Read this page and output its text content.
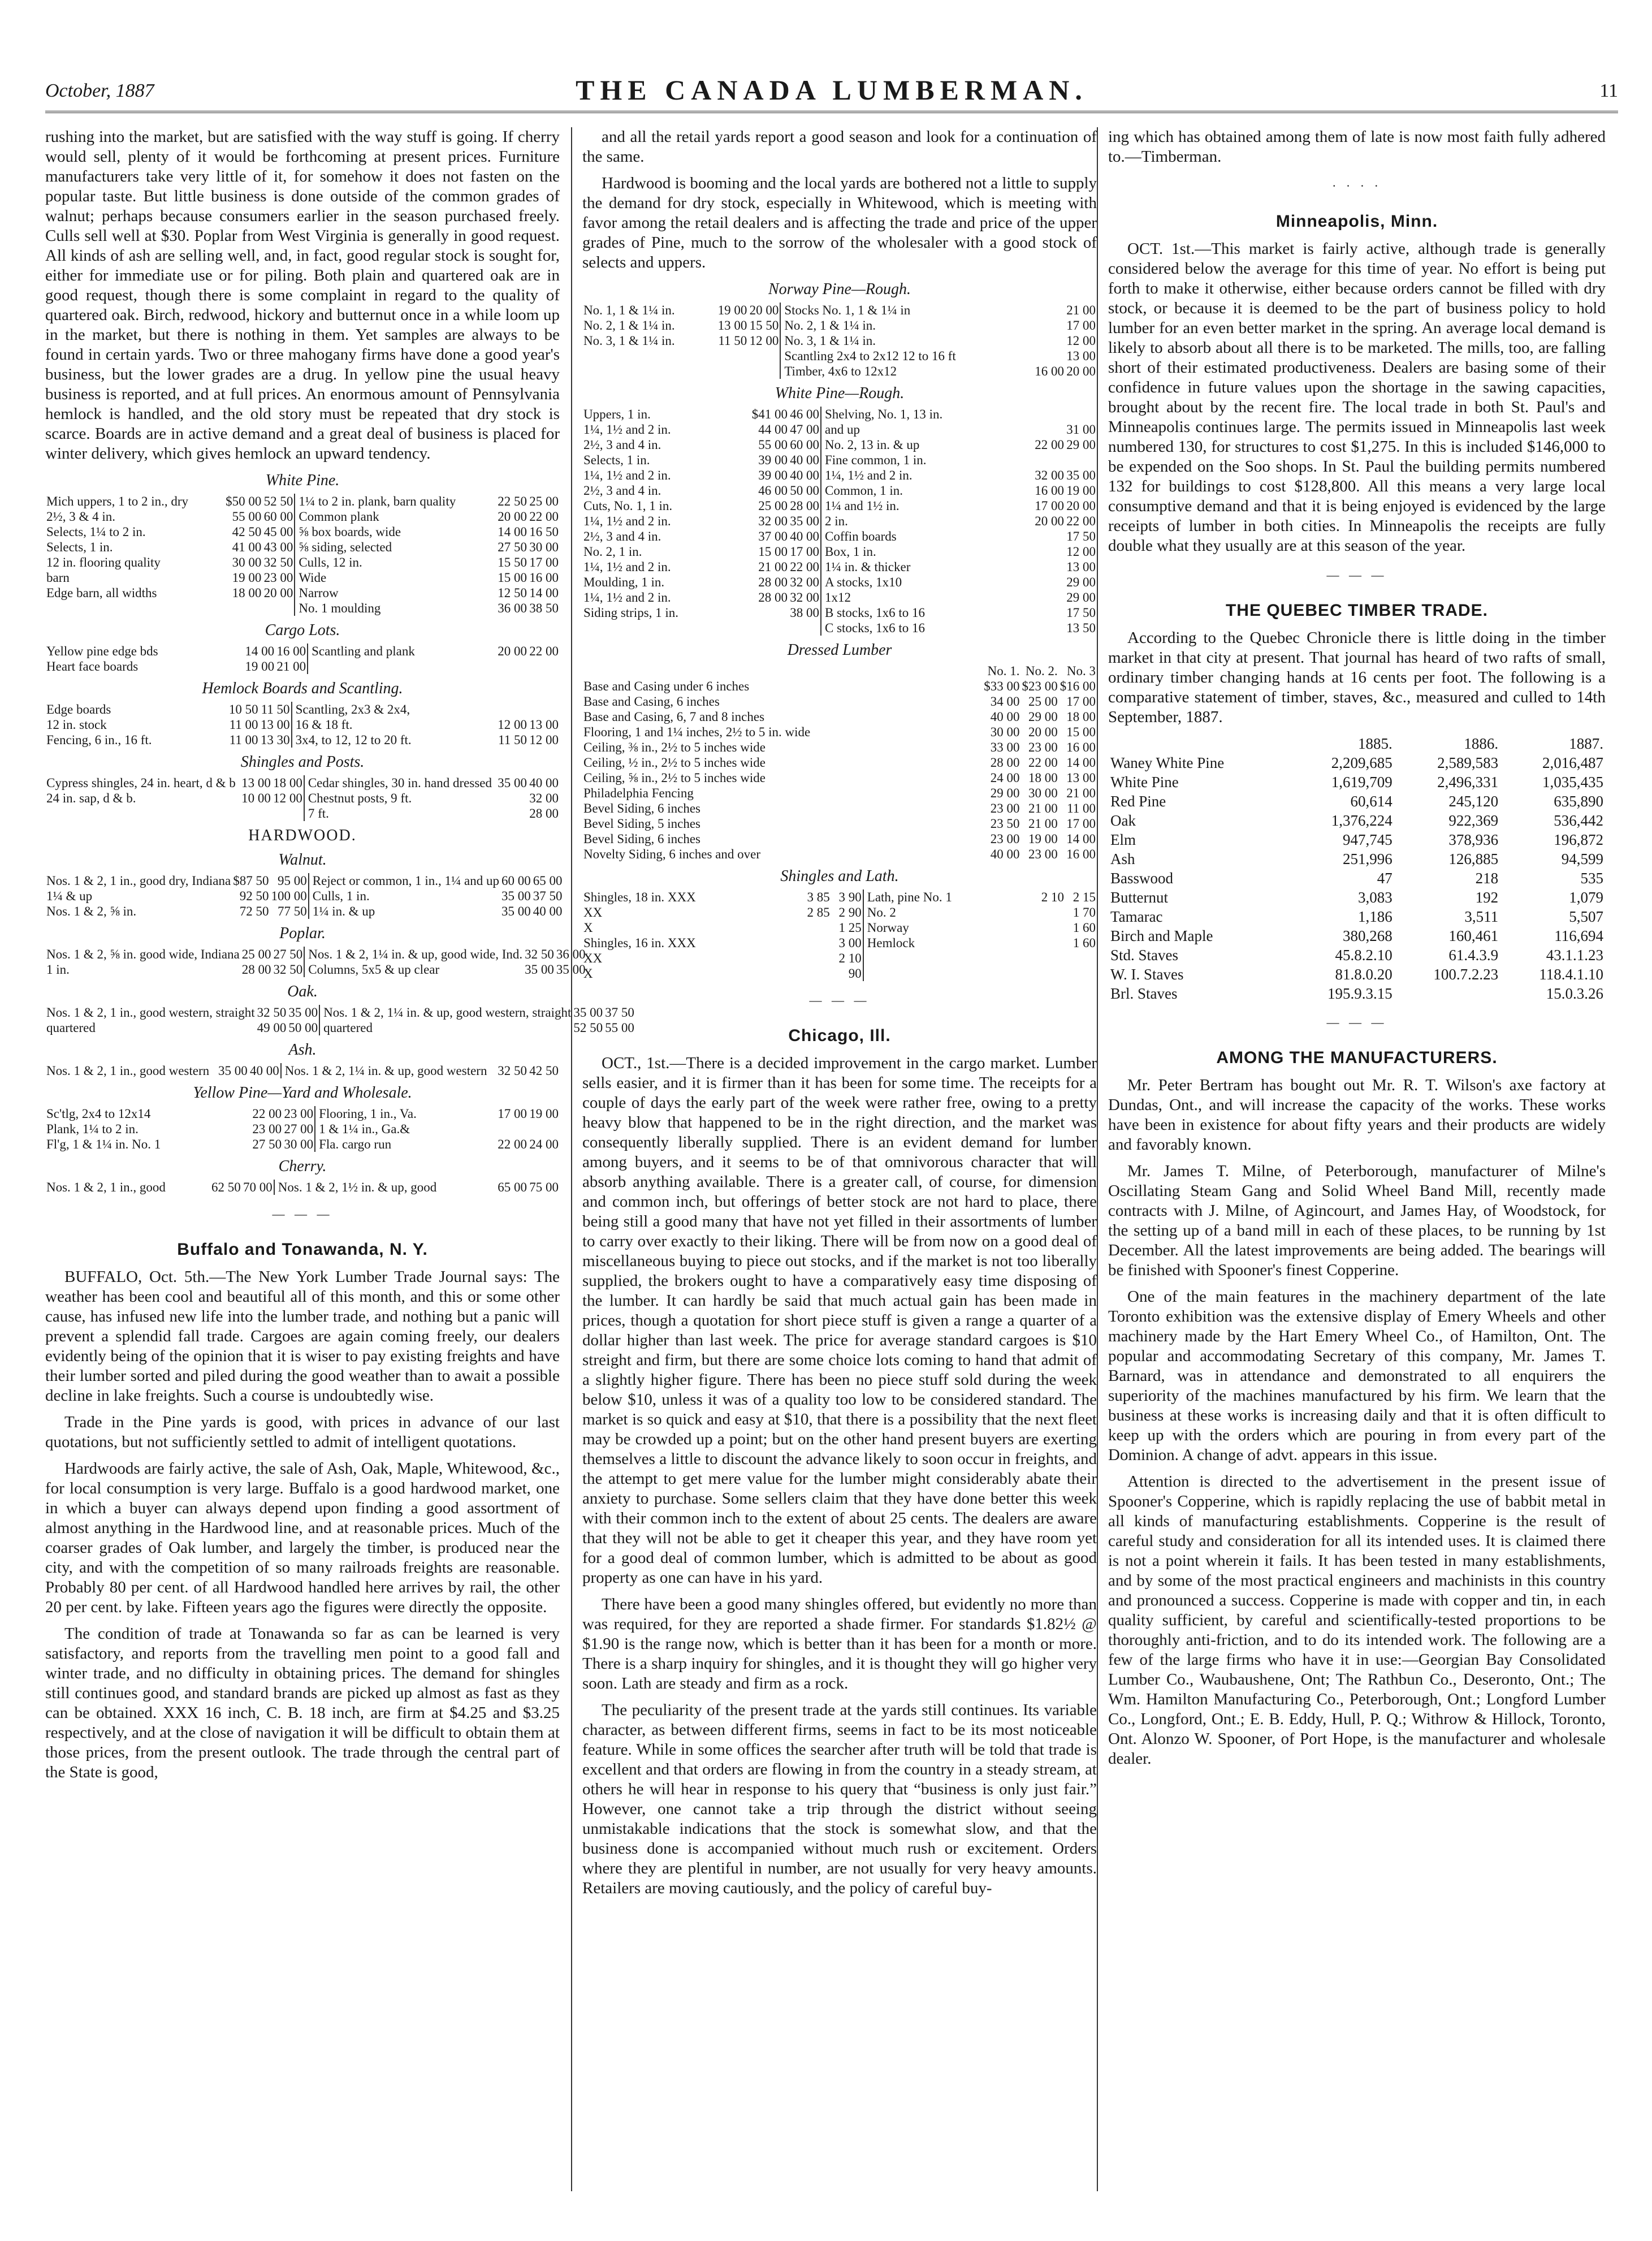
October, 1887	THE CANADA LUMBERMAN.	11

rushing into the market, but are satisfied with the way stuff is going. If cherry would sell, plenty of it would be forthcoming at present prices. Furniture manufacturers take very little of it, for somehow it does not fasten on the popular taste. But little business is done outside of the common grades of walnut; perhaps because consumers earlier in the season purchased freely. Culls sell well at $30. Poplar from West Virginia is generally in good request. All kinds of ash are selling well, and, in fact, good regular stock is sought for, either for immediate use or for piling. Both plain and quartered oak are in good request, though there is some complaint in regard to the quality of quartered oak. Birch, redwood, hickory and butternut once in a while loom up in the market, but there is nothing in them. Yet samples are always to be found in certain yards. Two or three mahogany firms have done a good year's business, but the lower grades are a drug. In yellow pine the usual heavy business is reported, and at full prices. An enormous amount of Pennsylvania hemlock is handled, and the old story must be repeated that dry stock is scarce. Boards are in active demand and a great deal of business is placed for winter delivery, which gives hemlock an upward tendency.

White Pine.
Mich uppers, 1 to 2 in., dry	$50 00	52 50	1¼ to 2 in. plank, barn quality	22 50	25 00
2½, 3 & 4 in.	55 00	60 00	Common plank	20 00	22 00
Selects, 1¼ to 2 in.	42 50	45 00	⅝ box boards, wide	14 00	16 50
Selects, 1 in.	41 00	43 00	⅝ siding, selected	27 50	30 00
12 in. flooring quality	30 00	32 50	Culls, 12 in.	15 50	17 00
barn	19 00	23 00	Wide	15 00	16 00
Edge barn, all widths	18 00	20 00	Narrow	12 50	14 00
			No. 1 moulding	36 00	38 50
Cargo Lots.
Yellow pine edge bds	14 00	16 00	Scantling and plank	20 00	22 00
Heart face boards	19 00	21 00			
Hemlock Boards and Scantling.
Edge boards	10 50	11 50	Scantling, 2x3 & 2x4,		
12 in. stock	11 00	13 00	16 & 18 ft.	12 00	13 00
Fencing, 6 in., 16 ft.	11 00	13 30	3x4, to 12, 12 to 20 ft.	11 50	12 00
Shingles and Posts.
Cypress shingles, 24 in. heart, d & b	13 00	18 00	Cedar shingles, 30 in. hand dressed	35 00	40 00
24 in. sap, d & b.	10 00	12 00	Chestnut posts, 9 ft.		32 00
			7 ft.		28 00
HARDWOOD.
Walnut.
Nos. 1 & 2, 1 in., good dry, Indiana	$87 50	95 00	Reject or common, 1 in., 1¼ and up	60 00	65 00
1¼ & up	92 50	100 00	Culls, 1 in.	35 00	37 50
Nos. 1 & 2, ⅝ in.	72 50	77 50	1¼ in. & up	35 00	40 00
Poplar.
Nos. 1 & 2, ⅝ in. good wide, Indiana	25 00	27 50	Nos. 1 & 2, 1¼ in. & up, good wide, Ind.	32 50	36 00
1 in.	28 00	32 50	Columns, 5x5 & up clear	35 00	35 00
Oak.
Nos. 1 & 2, 1 in., good western, straight	32 50	35 00	Nos. 1 & 2, 1¼ in. & up, good western, straight	35 00	37 50
quartered	49 00	50 00	quartered	52 50	55 00
Ash.
Nos. 1 & 2, 1 in., good western	35 00	40 00	Nos. 1 & 2, 1¼ in. & up, good western	32 50	42 50
Yellow Pine—Yard and Wholesale.
Sc'tlg, 2x4 to 12x14	22 00	23 00	Flooring, 1 in., Va.	17 00	19 00
Plank, 1¼ to 2 in.	23 00	27 00	1 & 1¼ in., Ga.&		
Fl'g, 1 & 1¼ in. No. 1	27 50	30 00	Fla. cargo run	22 00	24 00
Cherry.
Nos. 1 & 2, 1 in., good	62 50	70 00	Nos. 1 & 2, 1½ in. & up, good	65 00	75 00
— — —
Buffalo and Tonawanda, N. Y.

BUFFALO, Oct. 5th.—The New York Lumber Trade Journal says: The weather has been cool and beautiful all of this month, and this or some other cause, has infused new life into the lumber trade, and nothing but a panic will prevent a splendid fall trade. Cargoes are again coming freely, our dealers evidently being of the opinion that it is wiser to pay existing freights and have their lumber sorted and piled during the good weather than to await a possible decline in lake freights. Such a course is undoubtedly wise.

Trade in the Pine yards is good, with prices in advance of our last quotations, but not sufficiently settled to admit of intelligent quotations.

Hardwoods are fairly active, the sale of Ash, Oak, Maple, Whitewood, &c., for local consumption is very large. Buffalo is a good hardwood market, one in which a buyer can always depend upon finding a good assortment of almost anything in the Hardwood line, and at reasonable prices. Much of the coarser grades of Oak lumber, and largely the timber, is produced near the city, and with the competition of so many railroads freights are reasonable. Probably 80 per cent. of all Hardwood handled here arrives by rail, the other 20 per cent. by lake. Fifteen years ago the figures were directly the opposite.

The condition of trade at Tonawanda so far as can be learned is very satisfactory, and reports from the travelling men point to a good fall and winter trade, and no difficulty in obtaining prices. The demand for shingles still continues good, and standard brands are picked up almost as fast as they can be obtained. XXX 16 inch, C. B. 18 inch, are firm at $4.25 and $3.25 respectively, and at the close of navigation it will be difficult to obtain them at those prices, from the present outlook. The trade through the central part of the State is good,

and all the retail yards report a good season and look for a continuation of the same.

Hardwood is booming and the local yards are bothered not a little to supply the demand for dry stock, especially in Whitewood, which is meeting with favor among the retail dealers and is affecting the trade and price of the upper grades of Pine, much to the sorrow of the wholesaler with a good stock of selects and uppers.

Norway Pine—Rough.
No. 1, 1 & 1¼ in.	19 00	20 00	Stocks No. 1, 1 & 1¼ in		21 00
No. 2, 1 & 1¼ in.	13 00	15 50	No. 2, 1 & 1¼ in.		17 00
No. 3, 1 & 1¼ in.	11 50	12 00	No. 3, 1 & 1¼ in.		12 00
			Scantling 2x4 to 2x12 12 to 16 ft		13 00
			Timber, 4x6 to 12x12	16 00	20 00
White Pine—Rough.
Uppers, 1 in.	$41 00	46 00	Shelving, No. 1, 13 in.		
1¼, 1½ and 2 in.	44 00	47 00	and up		31 00
2½, 3 and 4 in.	55 00	60 00	No. 2, 13 in. & up	22 00	29 00
Selects, 1 in.	39 00	40 00	Fine common, 1 in.		
1¼, 1½ and 2 in.	39 00	40 00	1¼, 1½ and 2 in.	32 00	35 00
2½, 3 and 4 in.	46 00	50 00	Common, 1 in.	16 00	19 00
Cuts, No. 1, 1 in.	25 00	28 00	1¼ and 1½ in.	17 00	20 00
1¼, 1½ and 2 in.	32 00	35 00	2 in.	20 00	22 00
2½, 3 and 4 in.	37 00	40 00	Coffin boards		17 50
No. 2, 1 in.	15 00	17 00	Box, 1 in.		12 00
1¼, 1½ and 2 in.	21 00	22 00	1¼ in. & thicker		13 00
Moulding, 1 in.	28 00	32 00	A stocks, 1x10		29 00
1¼, 1½ and 2 in.	28 00	32 00	1x12		29 00
Siding strips, 1 in.		38 00	B stocks, 1x6 to 16		17 50
			C stocks, 1x6 to 16		13 50
Dressed Lumber
	No. 1.	No. 2.	No. 3
Base and Casing under 6 inches	$33 00	$23 00	$16 00
Base and Casing, 6 inches	34 00	25 00	17 00
Base and Casing, 6, 7 and 8 inches	40 00	29 00	18 00
Flooring, 1 and 1¼ inches, 2½ to 5 in. wide	30 00	20 00	15 00
Ceiling, ⅜ in., 2½ to 5 inches wide	33 00	23 00	16 00
Ceiling, ½ in., 2½ to 5 inches wide	28 00	22 00	14 00
Ceiling, ⅝ in., 2½ to 5 inches wide	24 00	18 00	13 00
Philadelphia Fencing	29 00	30 00	21 00
Bevel Siding, 6 inches	23 00	21 00	11 00
Bevel Siding, 5 inches	23 50	21 00	17 00
Bevel Siding, 6 inches	23 00	19 00	14 00
Novelty Siding, 6 inches and over	40 00	23 00	16 00
Shingles and Lath.
Shingles, 18 in. XXX	3 85	3 90	Lath, pine No. 1	2 10	2 15
XX	2 85	2 90	No. 2		1 70
X		1 25	Norway		1 60
Shingles, 16 in. XXX		3 00	Hemlock		1 60
XX		2 10			
X		90			
— — —
Chicago, Ill.

OCT., 1st.—There is a decided improvement in the cargo market. Lumber sells easier, and it is firmer than it has been for some time. The receipts for a couple of days the early part of the week were rather free, owing to a pretty heavy blow that happened to be in the right direction, and the market was consequently liberally supplied. There is an evident demand for lumber among buyers, and it seems to be of that omnivorous character that will absorb anything available. There is a greater call, of course, for dimension and common inch, but offerings of better stock are not hard to place, there being still a good many that have not yet filled in their assortments of lumber to carry over exactly to their liking. There will be from now on a good deal of miscellaneous buying to piece out stocks, and if the market is not too liberally supplied, the brokers ought to have a comparatively easy time disposing of the lumber. It can hardly be said that much actual gain has been made in prices, though a quotation for short piece stuff is given a range a quarter of a dollar higher than last week. The price for average standard cargoes is $10 streight and firm, but there are some choice lots coming to hand that admit of a slightly higher figure. There has been no piece stuff sold during the week below $10, unless it was of a quality too low to be considered standard. The market is so quick and easy at $10, that there is a possibility that the next fleet may be crowded up a point; but on the other hand present buyers are exerting themselves a little to discount the advance likely to soon occur in freights, and the attempt to get mere value for the lumber might considerably abate their anxiety to purchase. Some sellers claim that they have done better this week with their common inch to the extent of about 25 cents. The dealers are aware that they will not be able to get it cheaper this year, and they have room yet for a good deal of common lumber, which is admitted to be about as good property as one can have in his yard.

There have been a good many shingles offered, but evidently no more than was required, for they are reported a shade firmer. For standards $1.82½ @ $1.90 is the range now, which is better than it has been for a month or more. There is a sharp inquiry for shingles, and it is thought they will go higher very soon. Lath are steady and firm as a rock.

The peculiarity of the present trade at the yards still continues. Its variable character, as between different firms, seems in fact to be its most noticeable feature. While in some offices the searcher after truth will be told that trade is excellent and that orders are flowing in from the country in a steady stream, at others he will hear in response to his query that “business is only just fair.” However, one cannot take a trip through the district without seeing unmistakable indications that the stock is somewhat slow, and that the business done is accompanied without much rush or excitement. Orders where they are plentiful in number, are not usually for very heavy amounts. Retailers are moving cautiously, and the policy of careful buy-

ing which has obtained among them of late is now most faith fully adhered to.—Timberman.

· · · ·
Minneapolis, Minn.

OCT. 1st.—This market is fairly active, although trade is generally considered below the average for this time of year. No effort is being put forth to make it otherwise, either because orders cannot be filled with dry stock, or because it is deemed to be the part of business policy to hold lumber for an even better market in the spring. An average local demand is likely to absorb about all there is to be marketed. The mills, too, are falling short of their estimated productiveness. Dealers are basing some of their confidence in future values upon the shortage in the sawing capacities, brought about by the recent fire. The local trade in both St. Paul's and Minneapolis continues large. The permits issued in Minneapolis last week numbered 130, for structures to cost $1,275. In this is included $146,000 to be expended on the Soo shops. In St. Paul the building permits numbered 132 for buildings to cost $128,800. All this means a very large local consumptive demand and that it is being enjoyed is evidenced by the large receipts of lumber in both cities. In Minneapolis the receipts are fully double what they usually are at this season of the year.

— — —
THE QUEBEC TIMBER TRADE.

According to the Quebec Chronicle there is little doing in the timber market in that city at present. That journal has heard of two rafts of small, ordinary timber changing hands at 16 cents per foot. The following is a comparative statement of timber, staves, &c., measured and culled to 14th September, 1887.

	1885.	1886.	1887.
Waney White Pine	2,209,685	2,589,583	2,016,487
White Pine	1,619,709	2,496,331	1,035,435
Red Pine	60,614	245,120	635,890
Oak	1,376,224	922,369	536,442
Elm	947,745	378,936	196,872
Ash	251,996	126,885	94,599
Basswood	47	218	535
Butternut	3,083	192	1,079
Tamarac	1,186	3,511	5,507
Birch and Maple	380,268	160,461	116,694
Std. Staves	45.8.2.10	61.4.3.9	43.1.1.23
W. I. Staves	81.8.0.20	100.7.2.23	118.4.1.10
Brl. Staves	195.9.3.15		15.0.3.26
— — —
AMONG THE MANUFACTURERS.

Mr. Peter Bertram has bought out Mr. R. T. Wilson's axe factory at Dundas, Ont., and will increase the capacity of the works. These works have been in existence for about fifty years and their products are widely and favorably known.

Mr. James T. Milne, of Peterborough, manufacturer of Milne's Oscillating Steam Gang and Solid Wheel Band Mill, recently made contracts with J. Milne, of Agincourt, and James Hay, of Woodstock, for the setting up of a band mill in each of these places, to be running by 1st December. All the latest improvements are being added. The bearings will be finished with Spooner's finest Copperine.

One of the main features in the machinery department of the late Toronto exhibition was the extensive display of Emery Wheels and other machinery made by the Hart Emery Wheel Co., of Hamilton, Ont. The popular and accommodating Secretary of this company, Mr. James T. Barnard, was in attendance and demonstrated to all enquirers the superiority of the machines manufactured by his firm. We learn that the business at these works is increasing daily and that it is often difficult to keep up with the orders which are pouring in from every part of the Dominion. A change of advt. appears in this issue.

Attention is directed to the advertisement in the present issue of Spooner's Copperine, which is rapidly replacing the use of babbit metal in all kinds of manufacturing establishments. Copperine is the result of careful study and consideration for all its intended uses. It is claimed there is not a point wherein it fails. It has been tested in many establishments, and by some of the most practical engineers and machinists in this country and pronounced a success. Copperine is made with copper and tin, in each quality sufficient, by careful and scientifically-tested proportions to be thoroughly anti-friction, and to do its intended work. The following are a few of the large firms who have it in use:—Georgian Bay Consolidated Lumber Co., Waubaushene, Ont; The Rathbun Co., Deseronto, Ont.; The Wm. Hamilton Manufacturing Co., Peterborough, Ont.; Longford Lumber Co., Longford, Ont.; E. B. Eddy, Hull, P. Q.; Withrow & Hillock, Toronto, Ont. Alonzo W. Spooner, of Port Hope, is the manufacturer and wholesale dealer.
